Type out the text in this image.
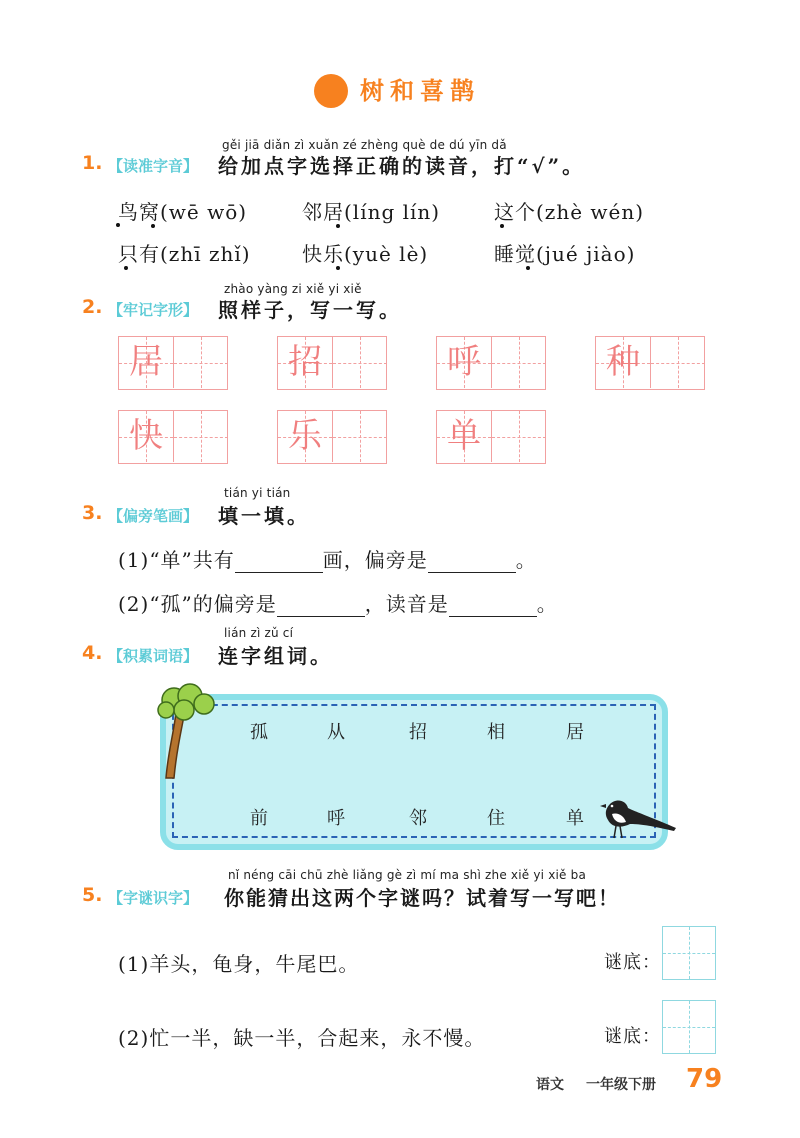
树和喜鹊
gěi jiā diǎn zì xuǎn zé zhèng què de dú yīn dǎ
1. 【读准字音】 给加点字选择正确的读音，打“√”。
鸟窝(wē wō)	邻居(líng lín)	这个(zhè wén)
只有(zhī zhǐ)	快乐(yuè lè)	睡觉(jué jiào)
zhào yàng zi xiě yi xiě
2. 【牢记字形】 照样子，写一写。
居	招	呼	种
快	乐	单
tián yi tián
3. 【偏旁笔画】 填一填。
(1)“单”共有	画，偏旁是	。
(2)“孤”的偏旁是	，读音是	。
lián zì zǔ cí
4. 【积累词语】 连字组词。
孤	从	招	相	居
前	呼	邻	住	单
nǐ néng cāi chū zhè liǎng gè zì mí ma shì zhe xiě yi xiě ba
5. 【字谜识字】 你能猜出这两个字谜吗？试着写一写吧！
(1)羊头，龟身，牛尾巴。	谜底：
(2)忙一半，缺一半，合起来，永不慢。	谜底：
语文 一年级下册 79
